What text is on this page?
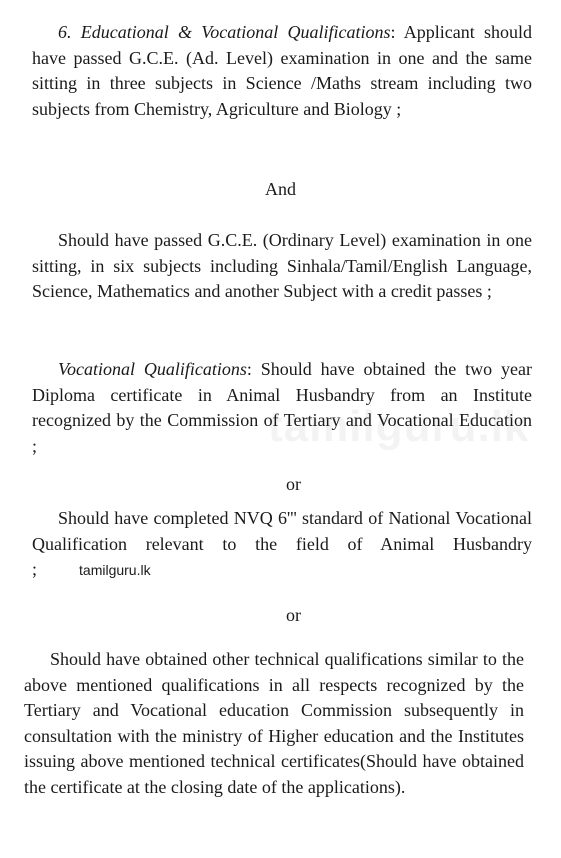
6. Educational & Vocational Qualifications: Applicant should have passed G.C.E. (Ad. Level) examination in one and the same sitting in three subjects in Science /Maths stream including two subjects from Chemistry, Agriculture and Biology ;

And

Should have passed G.C.E. (Ordinary Level) examination in one sitting, in six subjects including Sinhala/Tamil/English Language, Science, Mathematics and another Subject with a credit passes ;

Vocational Qualifications: Should have obtained the two year Diploma certificate in Animal Husbandry from an Institute recognized by the Commission of Tertiary and Vocational Education ;

or

Should have completed NVQ 6''' standard of National Vocational Qualification relevant to the field of Animal Husbandry ;	tamilguru.lk

or

Should have obtained other technical qualifications similar to the above mentioned qualifications in all respects recognized by the Tertiary and Vocational education Commission subsequently in consultation with the ministry of Higher education and the Institutes issuing above mentioned technical certificates(Should have obtained the certificate at the closing date of the applications).
